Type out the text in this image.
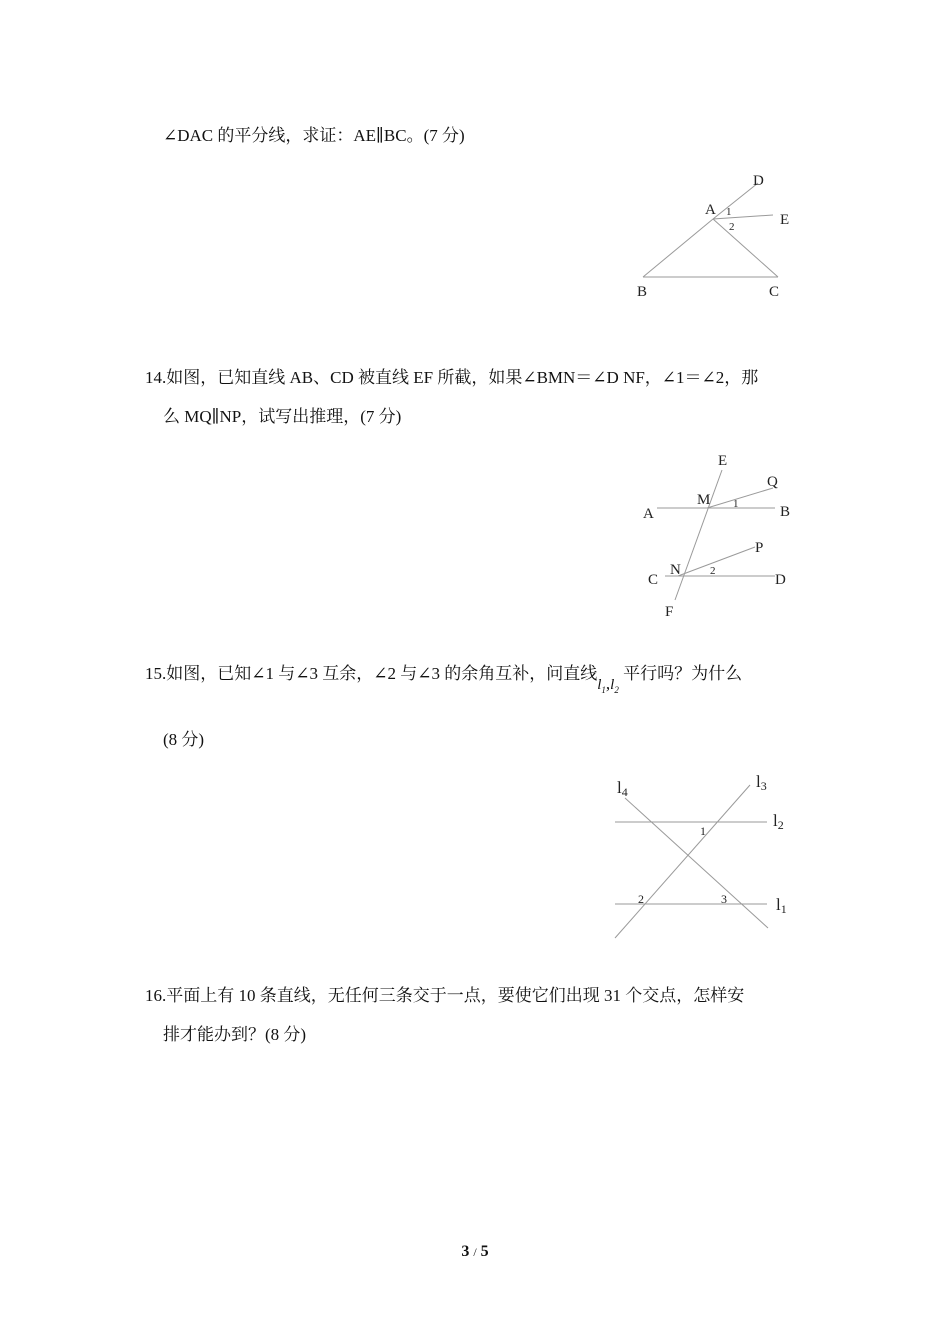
∠DAC 的平分线，求证：AE∥BC。(7 分)
D
A 1
2	E
B	C
14.如图，已知直线 AB、CD 被直线 EF 所截，如果∠BMN＝∠D NF，∠1＝∠2，那
么 MQ∥NP，试写出推理，(7 分)
E
Q
M 1
A	B
P
C
N	2
D
F
15.如图，已知∠1 与∠3 互余，∠2 与∠3 的余角互补，问直线$l_1,l_2$ 平行吗？为什么
(8 分)
l4
l3
l2
l1
1
2	3
16.平面上有 10 条直线，无任何三条交于一点，要使它们出现 31 个交点，怎样安
排才能办到？(8 分)
3 / 5
